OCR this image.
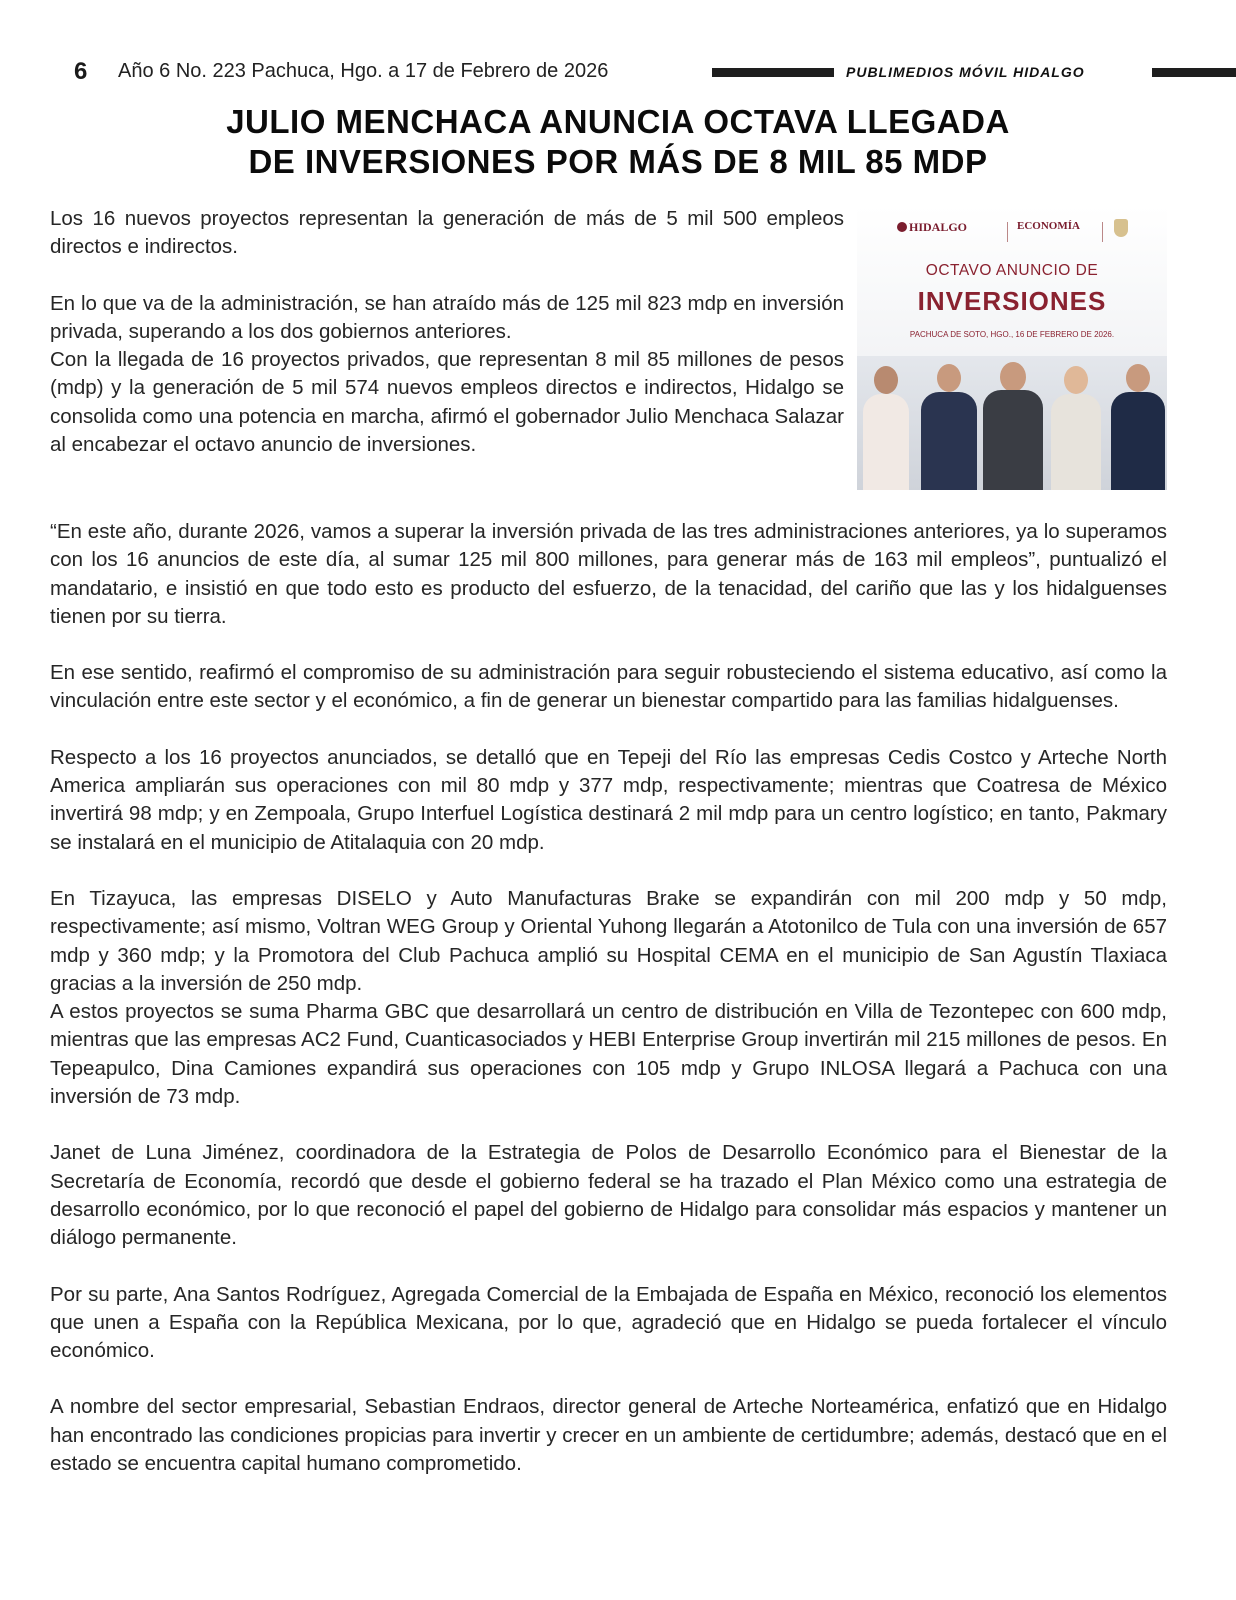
6 Año 6 No. 223 Pachuca, Hgo. a 17 de Febrero de 2026	PUBLIMEDIOS MÓVIL HIDALGO
JULIO MENCHACA ANUNCIA OCTAVA LLEGADA
DE INVERSIONES POR MÁS DE 8 MIL 85 MDP

Los 16 nuevos proyectos representan la generación de más de 5 mil 500 empleos directos e indirectos.

En lo que va de la administración, se han atraído más de 125 mil 823 mdp en inversión privada, superando a los dos gobiernos anteriores.

Con la llegada de 16 proyectos privados, que representan 8 mil 85 millones de pesos (mdp) y la generación de 5 mil 574 nuevos empleos directos e indirectos, Hidalgo se consolida como una potencia en marcha, afirmó el gobernador Julio Menchaca Salazar al encabezar el octavo anuncio de inversiones.

HIDALGO	ECONOMÍA
OCTAVO ANUNCIO DE
INVERSIONES
PACHUCA DE SOTO, HGO., 16 DE FEBRERO DE 2026.

“En este año, durante 2026, vamos a superar la inversión privada de las tres administraciones anteriores, ya lo superamos con los 16 anuncios de este día, al sumar 125 mil 800 millones, para generar más de 163 mil empleos”, puntualizó el mandatario, e insistió en que todo esto es producto del esfuerzo, de la tenacidad, del cariño que las y los hidalguenses tienen por su tierra.

En ese sentido, reafirmó el compromiso de su administración para seguir robusteciendo el sistema educativo, así como la vinculación entre este sector y el económico, a fin de generar un bienestar compartido para las familias hidalguenses.

Respecto a los 16 proyectos anunciados, se detalló que en Tepeji del Río las empresas Cedis Costco y Arteche North America ampliarán sus operaciones con mil 80 mdp y 377 mdp, respectivamente; mientras que Coatresa de México invertirá 98 mdp; y en Zempoala, Grupo Interfuel Logística destinará 2 mil mdp para un centro logístico; en tanto, Pakmary se instalará en el municipio de Atitalaquia con 20 mdp.

En Tizayuca, las empresas DISELO y Auto Manufacturas Brake se expandirán con mil 200 mdp y 50 mdp, respectivamente; así mismo, Voltran WEG Group y Oriental Yuhong llegarán a Atotonilco de Tula con una inversión de 657 mdp y 360 mdp; y la Promotora del Club Pachuca amplió su Hospital CEMA en el municipio de San Agustín Tlaxiaca gracias a la inversión de 250 mdp.

A estos proyectos se suma Pharma GBC que desarrollará un centro de distribución en Villa de Tezontepec con 600 mdp, mientras que las empresas AC2 Fund, Cuanticasociados y HEBI Enterprise Group invertirán mil 215 millones de pesos. En Tepeapulco, Dina Camiones expandirá sus operaciones con 105 mdp y Grupo INLOSA llegará a Pachuca con una inversión de 73 mdp.

Janet de Luna Jiménez, coordinadora de la Estrategia de Polos de Desarrollo Económico para el Bienestar de la Secretaría de Economía, recordó que desde el gobierno federal se ha trazado el Plan México como una estrategia de desarrollo económico, por lo que reconoció el papel del gobierno de Hidalgo para consolidar más espacios y mantener un diálogo permanente.

Por su parte, Ana Santos Rodríguez, Agregada Comercial de la Embajada de España en México, reconoció los elementos que unen a España con la República Mexicana, por lo que, agradeció que en Hidalgo se pueda fortalecer el vínculo económico.

A nombre del sector empresarial, Sebastian Endraos, director general de Arteche Norteamérica, enfatizó que en Hidalgo han encontrado las condiciones propicias para invertir y crecer en un ambiente de certidumbre; además, destacó que en el estado se encuentra capital humano comprometido.
